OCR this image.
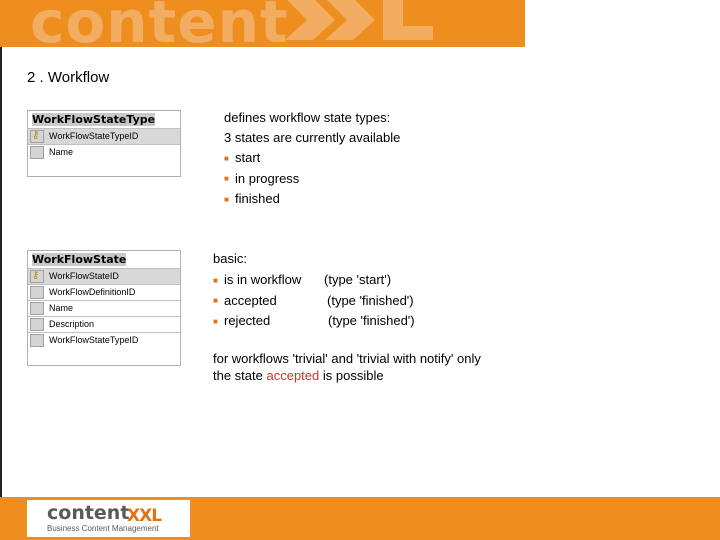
content
2 . Workflow
WorkFlowStateType
⚷ WorkFlowStateTypeID
Name
WorkFlowState
⚷ WorkFlowStateID
WorkFlowDefinitionID
Name
Description
WorkFlowStateTypeID

defines workflow state types:

3 states are currently available

■ start

■ in progress

■ finished

basic:

■ is in workflow (type 'start')

■ accepted	(type 'finished')

■ rejected	(type 'finished')

for workflows 'trivial' and 'trivial with notify' only

the state accepted is possible

content
XXL
Business Content Management
